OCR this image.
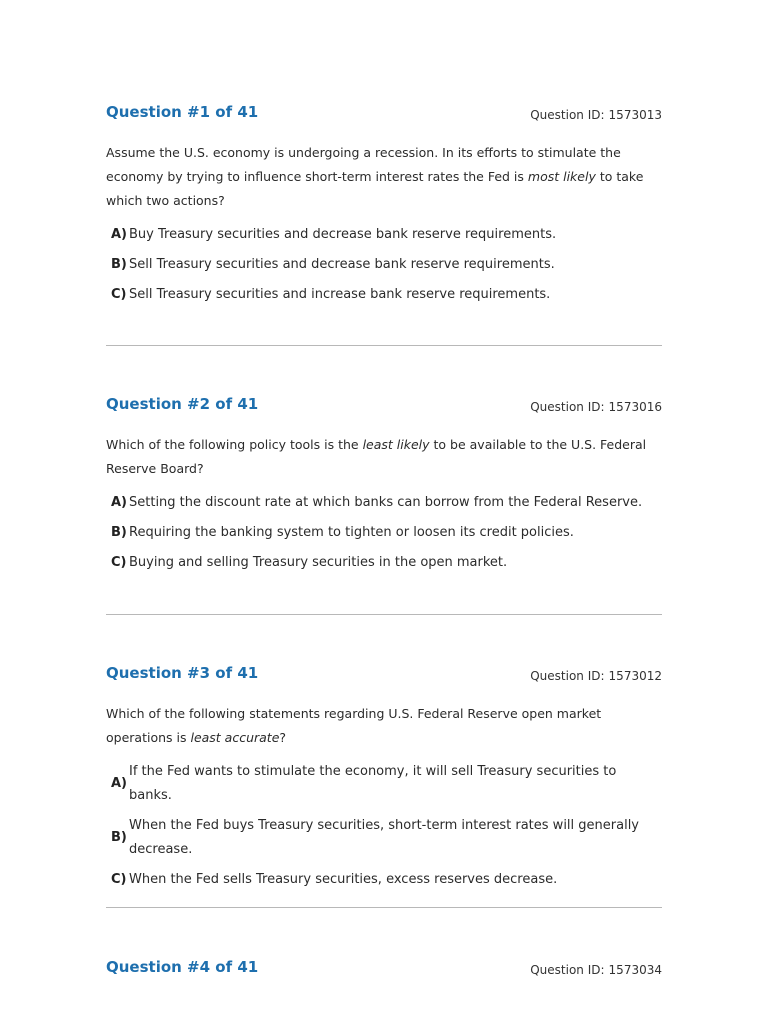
Question #1 of 41	Question ID: 1573013
Assume the U.S. economy is undergoing a recession. In its efforts to stimulate the economy by trying to influence short-term interest rates the Fed is most likely to take which two actions?
A) Buy Treasury securities and decrease bank reserve requirements.
B) Sell Treasury securities and decrease bank reserve requirements.
C) Sell Treasury securities and increase bank reserve requirements.
Question #2 of 41	Question ID: 1573016
Which of the following policy tools is the least likely to be available to the U.S. Federal Reserve Board?
A) Setting the discount rate at which banks can borrow from the Federal Reserve.
B) Requiring the banking system to tighten or loosen its credit policies.
C) Buying and selling Treasury securities in the open market.
Question #3 of 41	Question ID: 1573012
Which of the following statements regarding U.S. Federal Reserve open market operations is least accurate?
A)
If the Fed wants to stimulate the economy, it will sell Treasury securities to banks.
B)
When the Fed buys Treasury securities, short-term interest rates will generally decrease.
C) When the Fed sells Treasury securities, excess reserves decrease.
Question #4 of 41	Question ID: 1573034
